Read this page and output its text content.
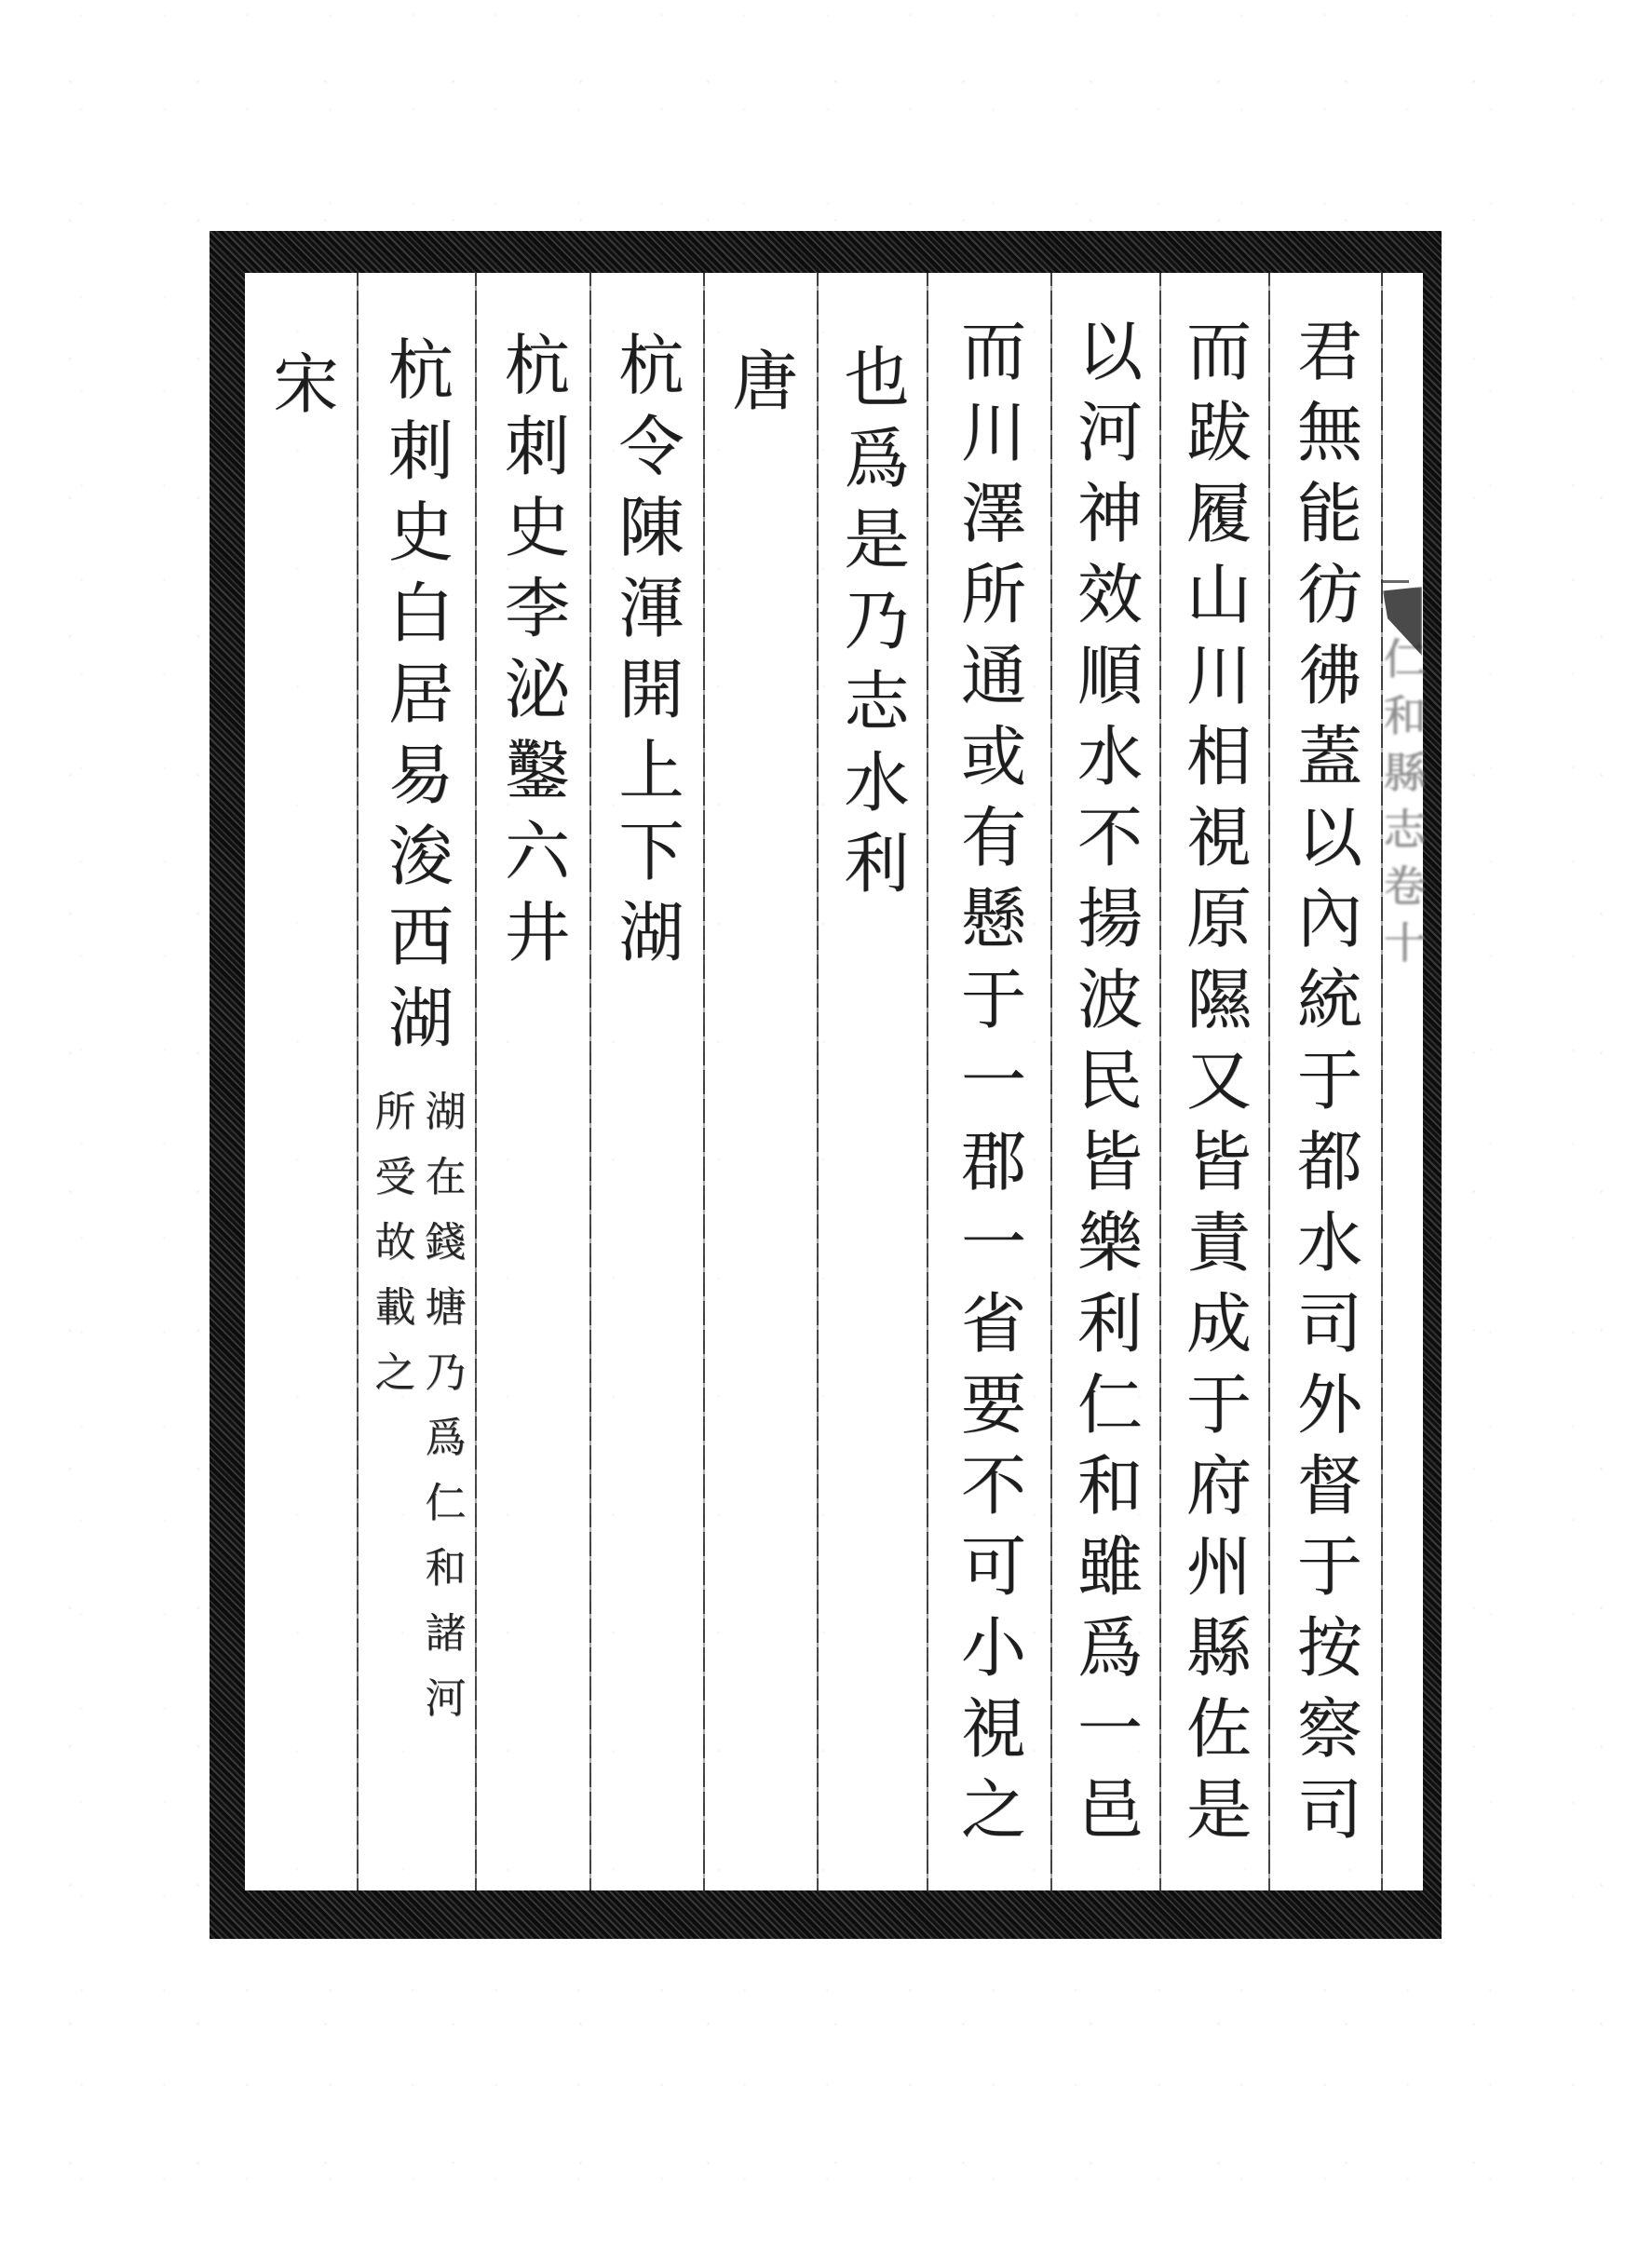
君無能彷彿蓋以內統于都水司外督于按察司
而跋履山川相視原隰又皆責成于府州縣佐是
以河神效順水不揚波民皆樂利仁和雖爲一邑
而川澤所通或有懸于一郡一省要不可小視之
也爲是乃志水利
唐
杭令陳渾開上下湖
杭刺史李泌鑿六井
杭刺史白居易浚西湖
湖在錢塘乃爲仁和諸河
所受故載之
宋
仁和縣志卷十
